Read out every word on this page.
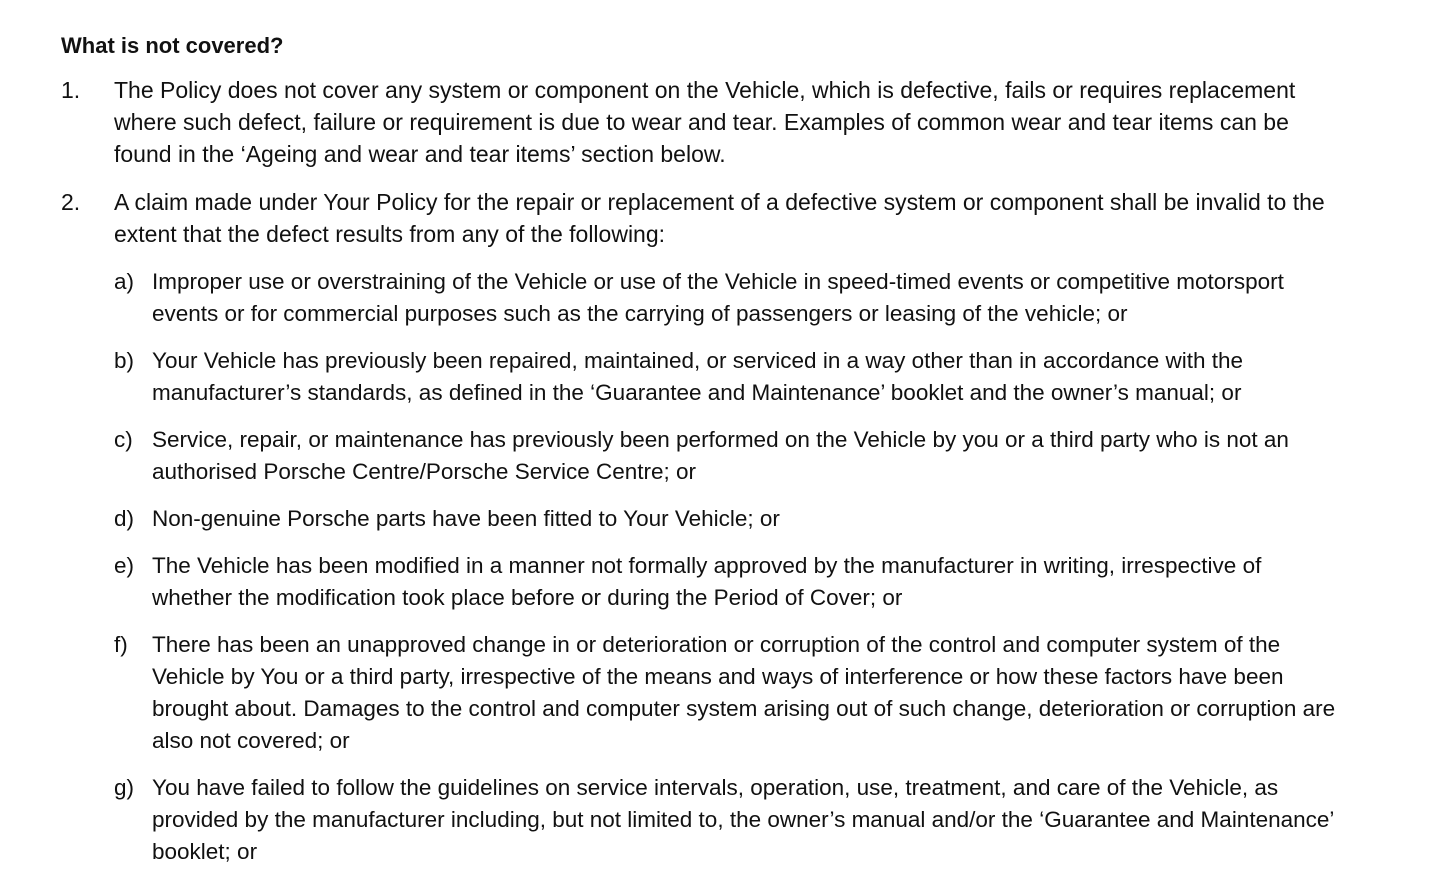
What is not covered?
1.	The Policy does not cover any system or component on the Vehicle, which is defective, fails or requires replacement where such defect, failure or requirement is due to wear and tear. Examples of common wear and tear items can be found in the ‘Ageing and wear and tear items’ section below.
2.	A claim made under Your Policy for the repair or replacement of a defective system or component shall be invalid to the extent that the defect results from any of the following:
a) Improper use or overstraining of the Vehicle or use of the Vehicle in speed-timed events or competitive motorsport events or for commercial purposes such as the carrying of passengers or leasing of the vehicle; or
b) Your Vehicle has previously been repaired, maintained, or serviced in a way other than in accordance with the manufacturer’s standards, as defined in the ‘Guarantee and Maintenance’ booklet and the owner’s manual; or
c) Service, repair, or maintenance has previously been performed on the Vehicle by you or a third party who is not an authorised Porsche Centre/Porsche Service Centre; or
d) Non-genuine Porsche parts have been fitted to Your Vehicle; or
e) The Vehicle has been modified in a manner not formally approved by the manufacturer in writing, irrespective of whether the modification took place before or during the Period of Cover; or
f)	There has been an unapproved change in or deterioration or corruption of the control and computer system of the Vehicle by You or a third party, irrespective of the means and ways of interference or how these factors have been brought about. Damages to the control and computer system arising out of such change, deterioration or corruption are also not covered; or
g) You have failed to follow the guidelines on service intervals, operation, use, treatment, and care of the Vehicle, as provided by the manufacturer including, but not limited to, the owner’s manual and/or the ‘Guarantee and Maintenance’ booklet; or
